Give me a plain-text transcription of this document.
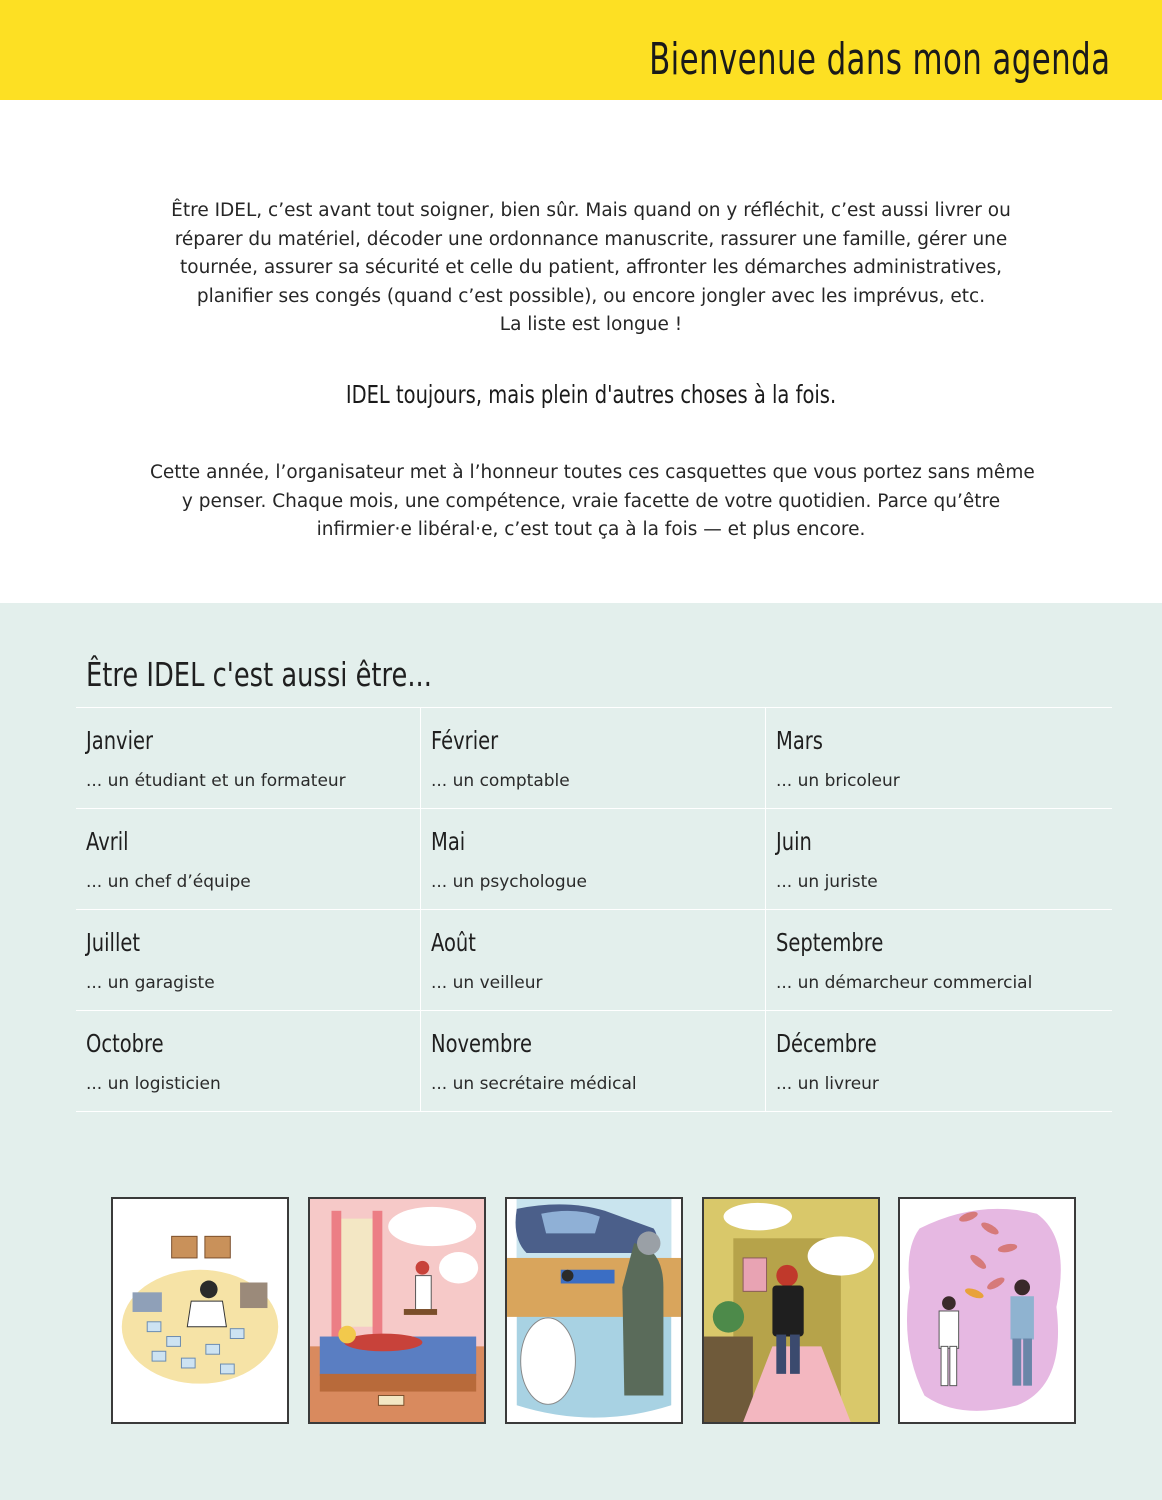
Bienvenue dans mon agenda

Être IDEL, c’est avant tout soigner, bien sûr. Mais quand on y réfléchit, c’est aussi livrer ou

réparer du matériel, décoder une ordonnance manuscrite, rassurer une famille, gérer une

tournée, assurer sa sécurité et celle du patient, affronter les démarches administratives,

planifier ses congés (quand c’est possible), ou encore jongler avec les imprévus, etc.

La liste est longue !

IDEL toujours, mais plein d'autres choses à la fois.

Cette année, l’organisateur met à l’honneur toutes ces casquettes que vous portez sans même

y penser. Chaque mois, une compétence, vraie facette de votre quotidien. Parce qu’être

infirmier·e libéral·e, c’est tout ça à la fois — et plus encore.

Être IDEL c'est aussi être...
Janvier
... un étudiant et un formateur
Février
... un comptable
Mars
... un bricoleur
Avril
... un chef d’équipe
Mai
... un psychologue
Juin
... un juriste
Juillet
... un garagiste
Août
... un veilleur
Septembre
... un démarcheur commercial
Octobre
... un logisticien
Novembre
... un secrétaire médical
Décembre
... un livreur
